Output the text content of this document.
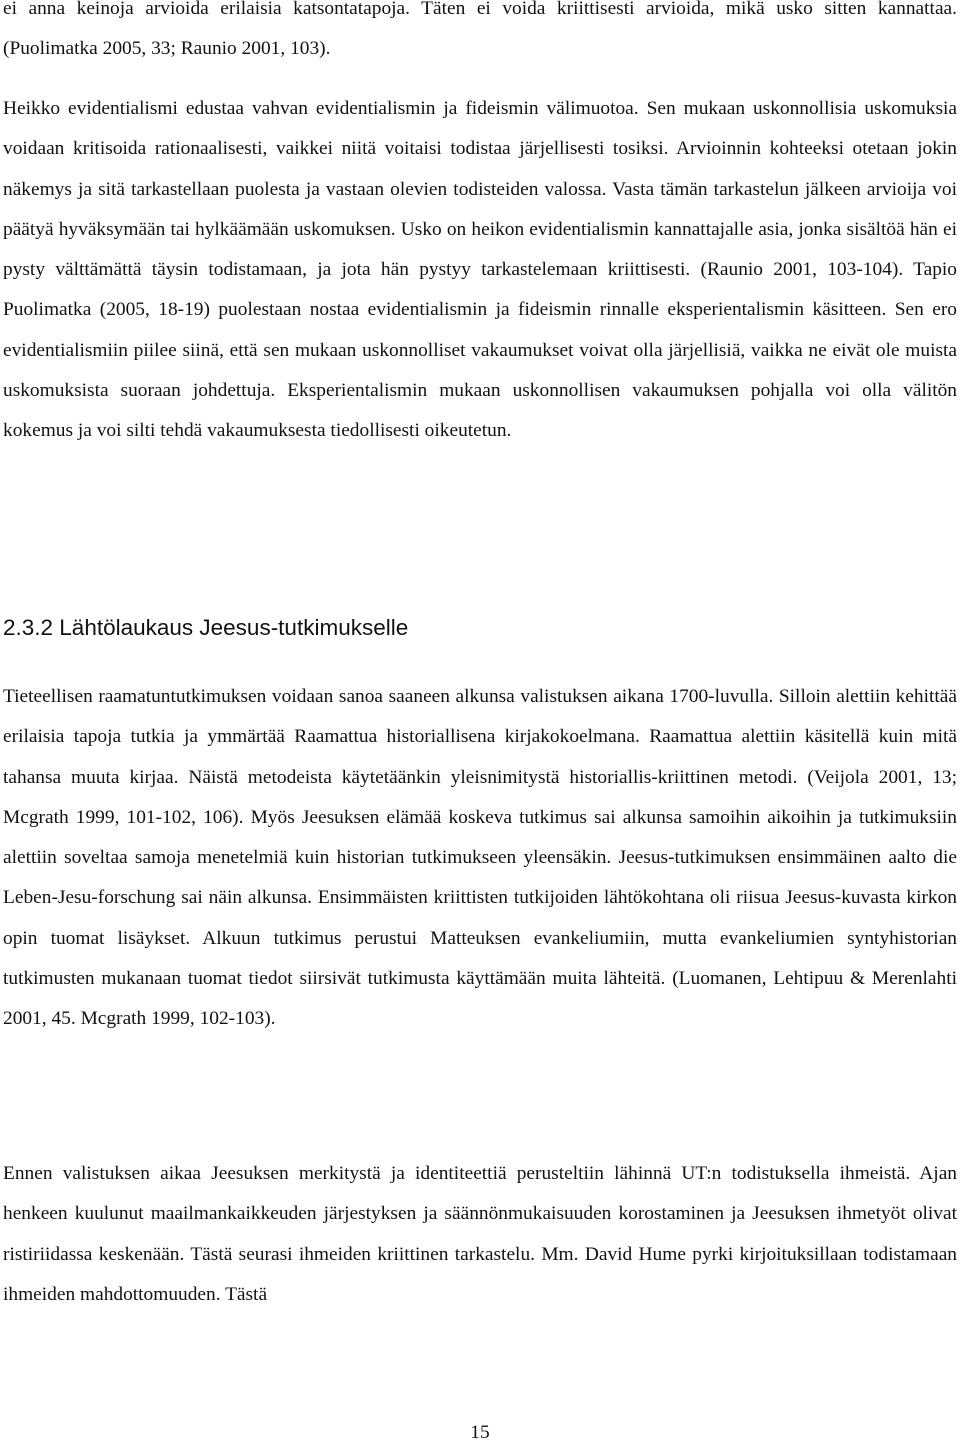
ei anna keinoja arvioida erilaisia katsontatapoja. Täten ei voida kriittisesti arvioida, mikä usko sitten kannattaa. (Puolimatka 2005, 33; Raunio 2001, 103).

Heikko evidentialismi edustaa vahvan evidentialismin ja fideismin välimuotoa. Sen mukaan uskonnollisia uskomuksia voidaan kritisoida rationaalisesti, vaikkei niitä voitaisi todistaa järjellisesti tosiksi. Arvioinnin kohteeksi otetaan jokin näkemys ja sitä tarkastellaan puolesta ja vastaan olevien todisteiden valossa. Vasta tämän tarkastelun jälkeen arvioija voi päätyä hyväksymään tai hylkäämään uskomuksen. Usko on heikon evidentialismin kannattajalle asia, jonka sisältöä hän ei pysty välttämättä täysin todistamaan, ja jota hän pystyy tarkastelemaan kriittisesti. (Raunio 2001, 103-104). Tapio Puolimatka (2005, 18-19) puolestaan nostaa evidentialismin ja fideismin rinnalle eksperientalismin käsitteen. Sen ero evidentialismiin piilee siinä, että sen mukaan uskonnolliset vakaumukset voivat olla järjellisiä, vaikka ne eivät ole muista uskomuksista suoraan johdettuja. Eksperientalismin mukaan uskonnollisen vakaumuksen pohjalla voi olla välitön kokemus ja voi silti tehdä vakaumuksesta tiedollisesti oikeutetun.

2.3.2 Lähtölaukaus Jeesus-tutkimukselle

Tieteellisen raamatuntutkimuksen voidaan sanoa saaneen alkunsa valistuksen aikana 1700-luvulla. Silloin alettiin kehittää erilaisia tapoja tutkia ja ymmärtää Raamattua historiallisena kirjakokoelmana. Raamattua alettiin käsitellä kuin mitä tahansa muuta kirjaa. Näistä metodeista käytetäänkin yleisnimitystä historiallis-kriittinen metodi. (Veijola 2001, 13; Mcgrath 1999, 101-102, 106). Myös Jeesuksen elämää koskeva tutkimus sai alkunsa samoihin aikoihin ja tutkimuksiin alettiin soveltaa samoja menetelmiä kuin historian tutkimukseen yleensäkin. Jeesus-tutkimuksen ensimmäinen aalto die Leben-Jesu-forschung sai näin alkunsa. Ensimmäisten kriittisten tutkijoiden lähtökohtana oli riisua Jeesus-kuvasta kirkon opin tuomat lisäykset. Alkuun tutkimus perustui Matteuksen evankeliumiin, mutta evankeliumien syntyhistorian tutkimusten mukanaan tuomat tiedot siirsivät tutkimusta käyttämään muita lähteitä. (Luomanen, Lehtipuu & Merenlahti 2001, 45. Mcgrath 1999, 102-103).

Ennen valistuksen aikaa Jeesuksen merkitystä ja identiteettiä perusteltiin lähinnä UT:n todistuksella ihmeistä. Ajan henkeen kuulunut maailmankaikkeuden järjestyksen ja säännönmukaisuuden korostaminen ja Jeesuksen ihmetyöt olivat ristiriidassa keskenään. Tästä seurasi ihmeiden kriittinen tarkastelu. Mm. David Hume pyrki kirjoituksillaan todistamaan ihmeiden mahdottomuuden. Tästä

15
